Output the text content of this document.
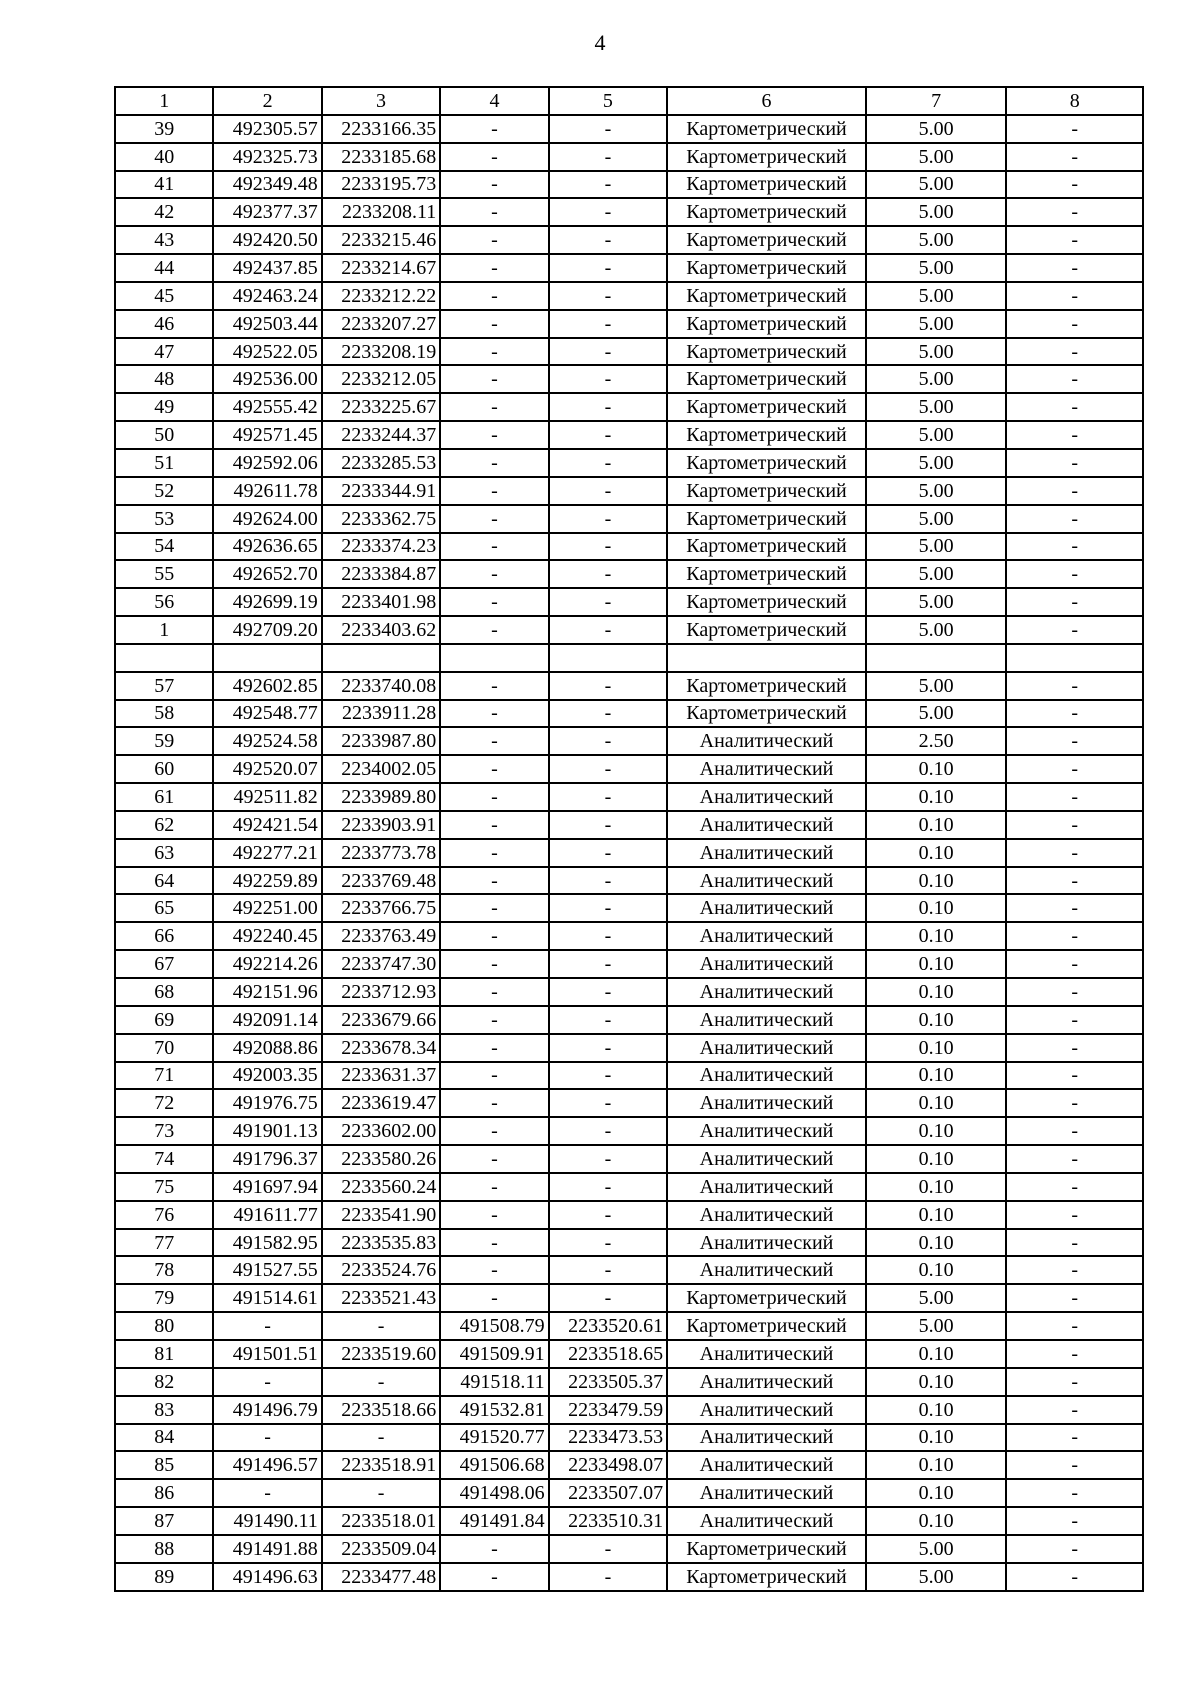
4
1	2	3	4	5	6	7	8
39	492305.57	2233166.35	-	-	Картометрический	5.00	-
40	492325.73	2233185.68	-	-	Картометрический	5.00	-
41	492349.48	2233195.73	-	-	Картометрический	5.00	-
42	492377.37	2233208.11	-	-	Картометрический	5.00	-
43	492420.50	2233215.46	-	-	Картометрический	5.00	-
44	492437.85	2233214.67	-	-	Картометрический	5.00	-
45	492463.24	2233212.22	-	-	Картометрический	5.00	-
46	492503.44	2233207.27	-	-	Картометрический	5.00	-
47	492522.05	2233208.19	-	-	Картометрический	5.00	-
48	492536.00	2233212.05	-	-	Картометрический	5.00	-
49	492555.42	2233225.67	-	-	Картометрический	5.00	-
50	492571.45	2233244.37	-	-	Картометрический	5.00	-
51	492592.06	2233285.53	-	-	Картометрический	5.00	-
52	492611.78	2233344.91	-	-	Картометрический	5.00	-
53	492624.00	2233362.75	-	-	Картометрический	5.00	-
54	492636.65	2233374.23	-	-	Картометрический	5.00	-
55	492652.70	2233384.87	-	-	Картометрический	5.00	-
56	492699.19	2233401.98	-	-	Картометрический	5.00	-
1	492709.20	2233403.62	-	-	Картометрический	5.00	-

57	492602.85	2233740.08	-	-	Картометрический	5.00	-
58	492548.77	2233911.28	-	-	Картометрический	5.00	-
59	492524.58	2233987.80	-	-	Аналитический	2.50	-
60	492520.07	2234002.05	-	-	Аналитический	0.10	-
61	492511.82	2233989.80	-	-	Аналитический	0.10	-
62	492421.54	2233903.91	-	-	Аналитический	0.10	-
63	492277.21	2233773.78	-	-	Аналитический	0.10	-
64	492259.89	2233769.48	-	-	Аналитический	0.10	-
65	492251.00	2233766.75	-	-	Аналитический	0.10	-
66	492240.45	2233763.49	-	-	Аналитический	0.10	-
67	492214.26	2233747.30	-	-	Аналитический	0.10	-
68	492151.96	2233712.93	-	-	Аналитический	0.10	-
69	492091.14	2233679.66	-	-	Аналитический	0.10	-
70	492088.86	2233678.34	-	-	Аналитический	0.10	-
71	492003.35	2233631.37	-	-	Аналитический	0.10	-
72	491976.75	2233619.47	-	-	Аналитический	0.10	-
73	491901.13	2233602.00	-	-	Аналитический	0.10	-
74	491796.37	2233580.26	-	-	Аналитический	0.10	-
75	491697.94	2233560.24	-	-	Аналитический	0.10	-
76	491611.77	2233541.90	-	-	Аналитический	0.10	-
77	491582.95	2233535.83	-	-	Аналитический	0.10	-
78	491527.55	2233524.76	-	-	Аналитический	0.10	-
79	491514.61	2233521.43	-	-	Картометрический	5.00	-
80	-	-	491508.79	2233520.61	Картометрический	5.00	-
81	491501.51	2233519.60	491509.91	2233518.65	Аналитический	0.10	-
82	-	-	491518.11	2233505.37	Аналитический	0.10	-
83	491496.79	2233518.66	491532.81	2233479.59	Аналитический	0.10	-
84	-	-	491520.77	2233473.53	Аналитический	0.10	-
85	491496.57	2233518.91	491506.68	2233498.07	Аналитический	0.10	-
86	-	-	491498.06	2233507.07	Аналитический	0.10	-
87	491490.11	2233518.01	491491.84	2233510.31	Аналитический	0.10	-
88	491491.88	2233509.04	-	-	Картометрический	5.00	-
89	491496.63	2233477.48	-	-	Картометрический	5.00	-
